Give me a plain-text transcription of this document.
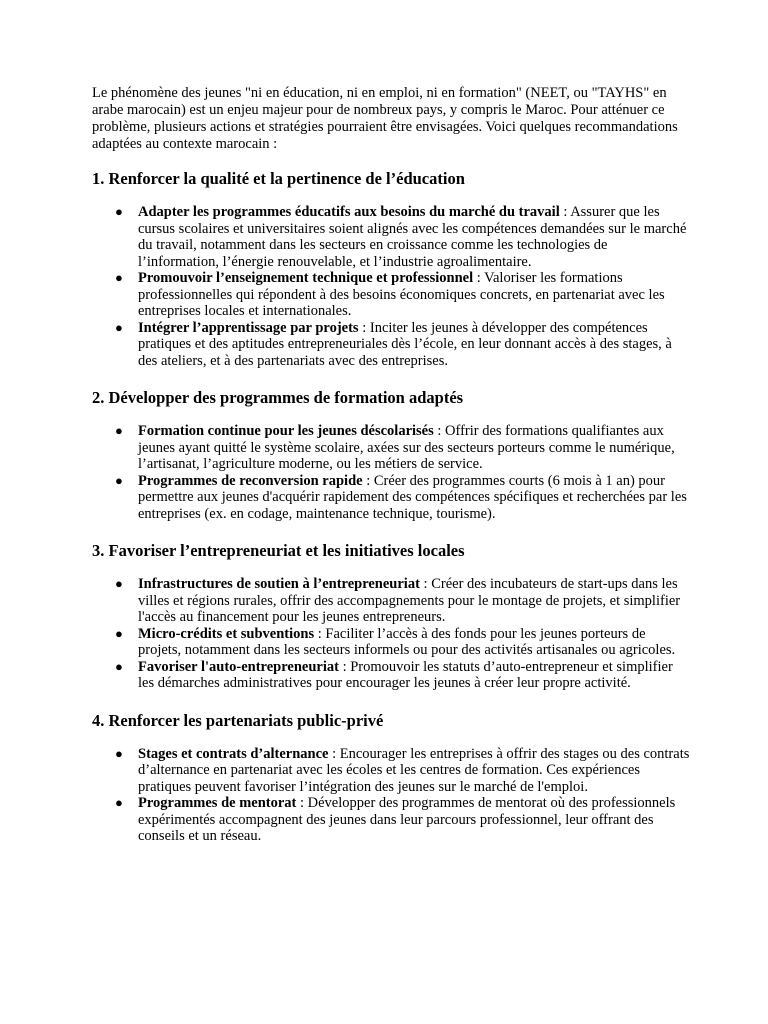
Le phénomène des jeunes "ni en éducation, ni en emploi, ni en formation" (NEET, ou "TAYHS" en arabe marocain) est un enjeu majeur pour de nombreux pays, y compris le Maroc. Pour atténuer ce problème, plusieurs actions et stratégies pourraient être envisagées. Voici quelques recommandations adaptées au contexte marocain :

1. Renforcer la qualité et la pertinence de l’éducation
● Adapter les programmes éducatifs aux besoins du marché du travail : Assurer que les cursus scolaires et universitaires soient alignés avec les compétences demandées sur le marché du travail, notamment dans les secteurs en croissance comme les technologies de l’information, l’énergie renouvelable, et l’industrie agroalimentaire.
● Promouvoir l’enseignement technique et professionnel : Valoriser les formations professionnelles qui répondent à des besoins économiques concrets, en partenariat avec les entreprises locales et internationales.
● Intégrer l’apprentissage par projets : Inciter les jeunes à développer des compétences pratiques et des aptitudes entrepreneuriales dès l’école, en leur donnant accès à des stages, à des ateliers, et à des partenariats avec des entreprises.
2. Développer des programmes de formation adaptés
● Formation continue pour les jeunes déscolarisés : Offrir des formations qualifiantes aux jeunes ayant quitté le système scolaire, axées sur des secteurs porteurs comme le numérique, l’artisanat, l’agriculture moderne, ou les métiers de service.
● Programmes de reconversion rapide : Créer des programmes courts (6 mois à 1 an) pour permettre aux jeunes d'acquérir rapidement des compétences spécifiques et recherchées par les entreprises (ex. en codage, maintenance technique, tourisme).
3. Favoriser l’entrepreneuriat et les initiatives locales
● Infrastructures de soutien à l’entrepreneuriat : Créer des incubateurs de start-ups dans les villes et régions rurales, offrir des accompagnements pour le montage de projets, et simplifier l'accès au financement pour les jeunes entrepreneurs.
● Micro-crédits et subventions : Faciliter l’accès à des fonds pour les jeunes porteurs de projets, notamment dans les secteurs informels ou pour des activités artisanales ou agricoles.
● Favoriser l'auto-entrepreneuriat : Promouvoir les statuts d’auto-entrepreneur et simplifier les démarches administratives pour encourager les jeunes à créer leur propre activité.
4. Renforcer les partenariats public-privé
● Stages et contrats d’alternance : Encourager les entreprises à offrir des stages ou des contrats d’alternance en partenariat avec les écoles et les centres de formation. Ces expériences pratiques peuvent favoriser l’intégration des jeunes sur le marché de l'emploi.
● Programmes de mentorat : Développer des programmes de mentorat où des professionnels expérimentés accompagnent des jeunes dans leur parcours professionnel, leur offrant des conseils et un réseau.
